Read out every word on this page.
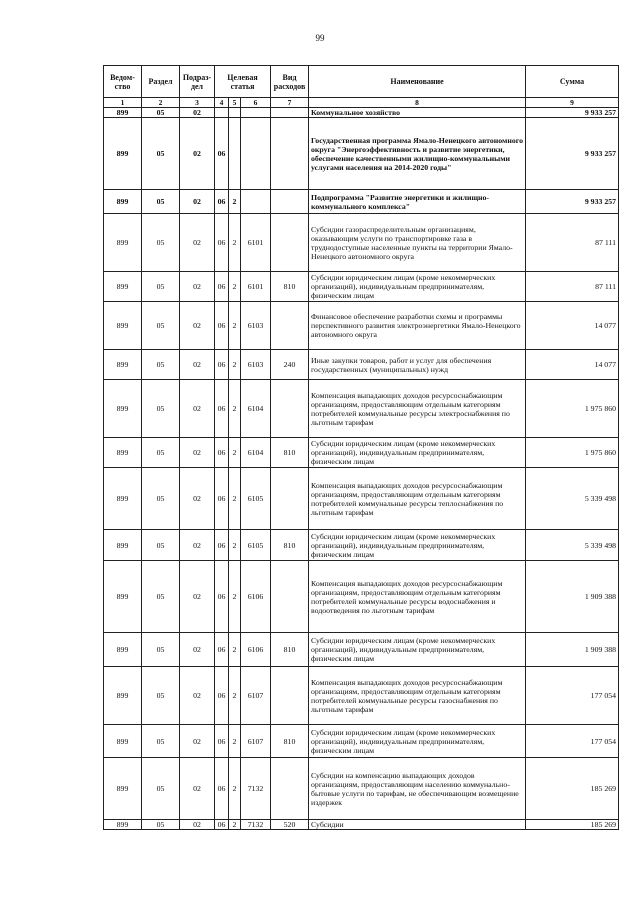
99
Ведом-ство	Раздел	Подраз-дел	Целевая статья			Вид расходов	Наименование	Сумма
1	2	3	4	5	6	7	8	9
899	05	02					Коммунальное хозяйство	9 933 257
899	05	02	06				Государственная программа Ямало-Ненецкого автономного округа "Энергоэффективность и развитие энергетики, обеспечение качественными жилищно-коммунальными услугами населения на 2014-2020 годы"	9 933 257
899	05	02	06	2			Подпрограмма "Развитие энергетики и жилищно-коммунального комплекса"	9 933 257
899	05	02	06	2	6101		Субсидии газораспределительным организациям, оказывающим услуги по транспортировке газа в труднодоступные населенные пункты на территории Ямало-Ненецкого автономного округа	87 111
899	05	02	06	2	6101	810	Субсидии юридическим лицам (кроме некоммерческих организаций), индивидуальным предпринимателям, физическим лицам	87 111
899	05	02	06	2	6103		Финансовое обеспечение разработки схемы и программы перспективного развития электроэнергетики Ямало-Ненецкого автономного округа	14 077
899	05	02	06	2	6103	240	Иные закупки товаров, работ и услуг для обеспечения государственных (муниципальных) нужд	14 077
899	05	02	06	2	6104		Компенсация выпадающих доходов ресурсоснабжающим организациям, предоставляющим отдельным категориям потребителей коммунальные ресурсы электроснабжения по льготным тарифам	1 975 860
899	05	02	06	2	6104	810	Субсидии юридическим лицам (кроме некоммерческих организаций), индивидуальным предпринимателям, физическим лицам	1 975 860
899	05	02	06	2	6105		Компенсация выпадающих доходов ресурсоснабжающим организациям, предоставляющим отдельным категориям потребителей коммунальные ресурсы теплоснабжения по льготным тарифам	5 339 498
899	05	02	06	2	6105	810	Субсидии юридическим лицам (кроме некоммерческих организаций), индивидуальным предпринимателям, физическим лицам	5 339 498
899	05	02	06	2	6106		Компенсация выпадающих доходов ресурсоснабжающим организациям, предоставляющим отдельным категориям потребителей коммунальные ресурсы водоснабжения и водоотведения по льготным тарифам	1 909 388
899	05	02	06	2	6106	810	Субсидии юридическим лицам (кроме некоммерческих организаций), индивидуальным предпринимателям, физическим лицам	1 909 388
899	05	02	06	2	6107		Компенсация выпадающих доходов ресурсоснабжающим организациям, предоставляющим отдельным категориям потребителей коммунальные ресурсы газоснабжения по льготным тарифам	177 054
899	05	02	06	2	6107	810	Субсидии юридическим лицам (кроме некоммерческих организаций), индивидуальным предпринимателям, физическим лицам	177 054
899	05	02	06	2	7132		Субсидии на компенсацию выпадающих доходов организациям, предоставляющим населению коммунально-бытовые услуги по тарифам, не обеспечивающим возмещение издержек	185 269
899	05	02	06	2	7132	520	Субсидии	185 269
